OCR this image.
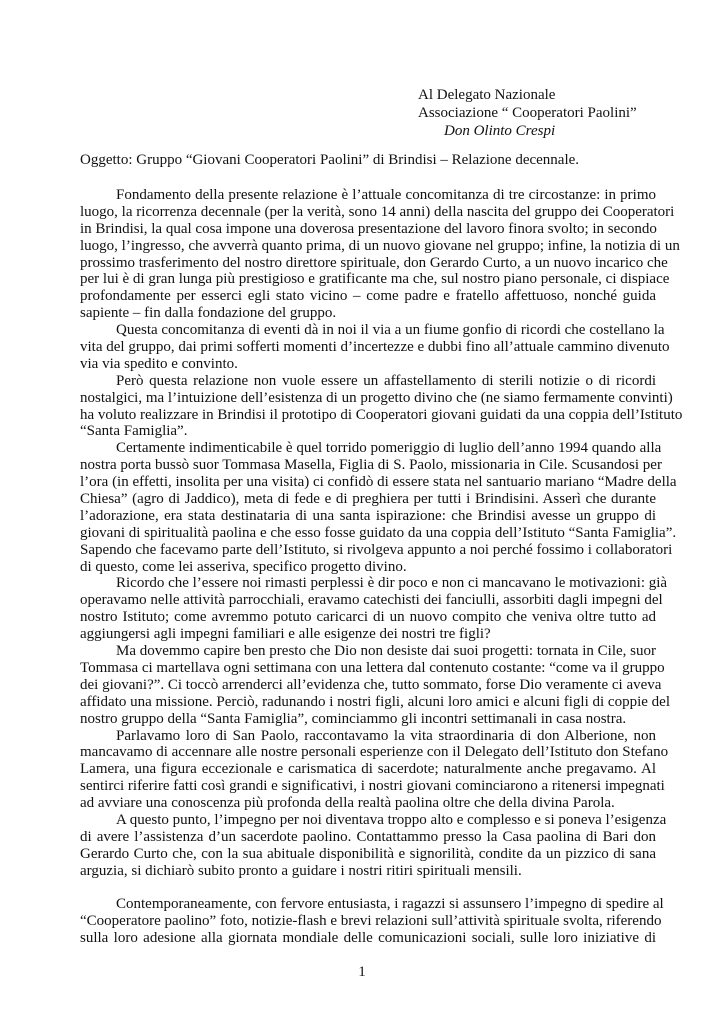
Al Delegato Nazionale
Associazione “ Cooperatori Paolini”
Don Olinto Crespi
Oggetto: Gruppo “Giovani Cooperatori Paolini” di Brindisi – Relazione decennale.
Fondamento della presente relazione è l’attuale concomitanza di tre circostanze: in primo
luogo, la ricorrenza decennale (per la verità, sono 14 anni) della nascita del gruppo dei Cooperatori
in Brindisi, la qual cosa impone una doverosa presentazione del lavoro finora svolto; in secondo
luogo, l’ingresso, che avverrà quanto prima, di un nuovo giovane nel gruppo; infine, la notizia di un
prossimo trasferimento del nostro direttore spirituale, don Gerardo Curto, a un nuovo incarico che
per lui è di gran lunga più prestigioso e gratificante ma che, sul nostro piano personale, ci dispiace
profondamente per esserci egli stato vicino – come padre e fratello affettuoso, nonché guida
sapiente – fin dalla fondazione del gruppo.
Questa concomitanza di eventi dà in noi il via a un fiume gonfio di ricordi che costellano la
vita del gruppo, dai primi sofferti momenti d’incertezze e dubbi fino all’attuale cammino divenuto
via via spedito e convinto.
Però questa relazione non vuole essere un affastellamento di sterili notizie o di ricordi
nostalgici, ma l’intuizione dell’esistenza di un progetto divino che (ne siamo fermamente convinti)
ha voluto realizzare in Brindisi il prototipo di Cooperatori giovani guidati da una coppia dell’Istituto
“Santa Famiglia”.
Certamente indimenticabile è quel torrido pomeriggio di luglio dell’anno 1994 quando alla
nostra porta bussò suor Tommasa Masella, Figlia di S. Paolo, missionaria in Cile. Scusandosi per
l’ora (in effetti, insolita per una visita) ci confidò di essere stata nel santuario mariano “Madre della
Chiesa” (agro di Jaddico), meta di fede e di preghiera per tutti i Brindisini. Asserì che durante
l’adorazione, era stata destinataria di una santa ispirazione: che Brindisi avesse un gruppo di
giovani di spiritualità paolina e che esso fosse guidato da una coppia dell’Istituto “Santa Famiglia”.
Sapendo che facevamo parte dell’Istituto, si rivolgeva appunto a noi perché fossimo i collaboratori
di questo, come lei asseriva, specifico progetto divino.
Ricordo che l’essere noi rimasti perplessi è dir poco e non ci mancavano le motivazioni: già
operavamo nelle attività parrocchiali, eravamo catechisti dei fanciulli, assorbiti dagli impegni del
nostro Istituto; come avremmo potuto caricarci di un nuovo compito che veniva oltre tutto ad
aggiungersi agli impegni familiari e alle esigenze dei nostri tre figli?
Ma dovemmo capire ben presto che Dio non desiste dai suoi progetti: tornata in Cile, suor
Tommasa ci martellava ogni settimana con una lettera dal contenuto costante: “come va il gruppo
dei giovani?”. Ci toccò arrenderci all’evidenza che, tutto sommato, forse Dio veramente ci aveva
affidato una missione. Perciò, radunando i nostri figli, alcuni loro amici e alcuni figli di coppie del
nostro gruppo della “Santa Famiglia”, cominciammo gli incontri settimanali in casa nostra.
Parlavamo loro di San Paolo, raccontavamo la vita straordinaria di don Alberione, non
mancavamo di accennare alle nostre personali esperienze con il Delegato dell’Istituto don Stefano
Lamera, una figura eccezionale e carismatica di sacerdote; naturalmente anche pregavamo. Al
sentirci riferire fatti così grandi e significativi, i nostri giovani cominciarono a ritenersi impegnati
ad avviare una conoscenza più profonda della realtà paolina oltre che della divina Parola.
A questo punto, l’impegno per noi diventava troppo alto e complesso e si poneva l’esigenza
di avere l’assistenza d’un sacerdote paolino. Contattammo presso la Casa paolina di Bari don
Gerardo Curto che, con la sua abituale disponibilità e signorilità, condite da un pizzico di sana
arguzia, si dichiarò subito pronto a guidare i nostri ritiri spirituali mensili.
Contemporaneamente, con fervore entusiasta, i ragazzi si assunsero l’impegno di spedire al
“Cooperatore paolino” foto, notizie-flash e brevi relazioni sull’attività spirituale svolta, riferendo
sulla loro adesione alla giornata mondiale delle comunicazioni sociali, sulle loro iniziative di
1
